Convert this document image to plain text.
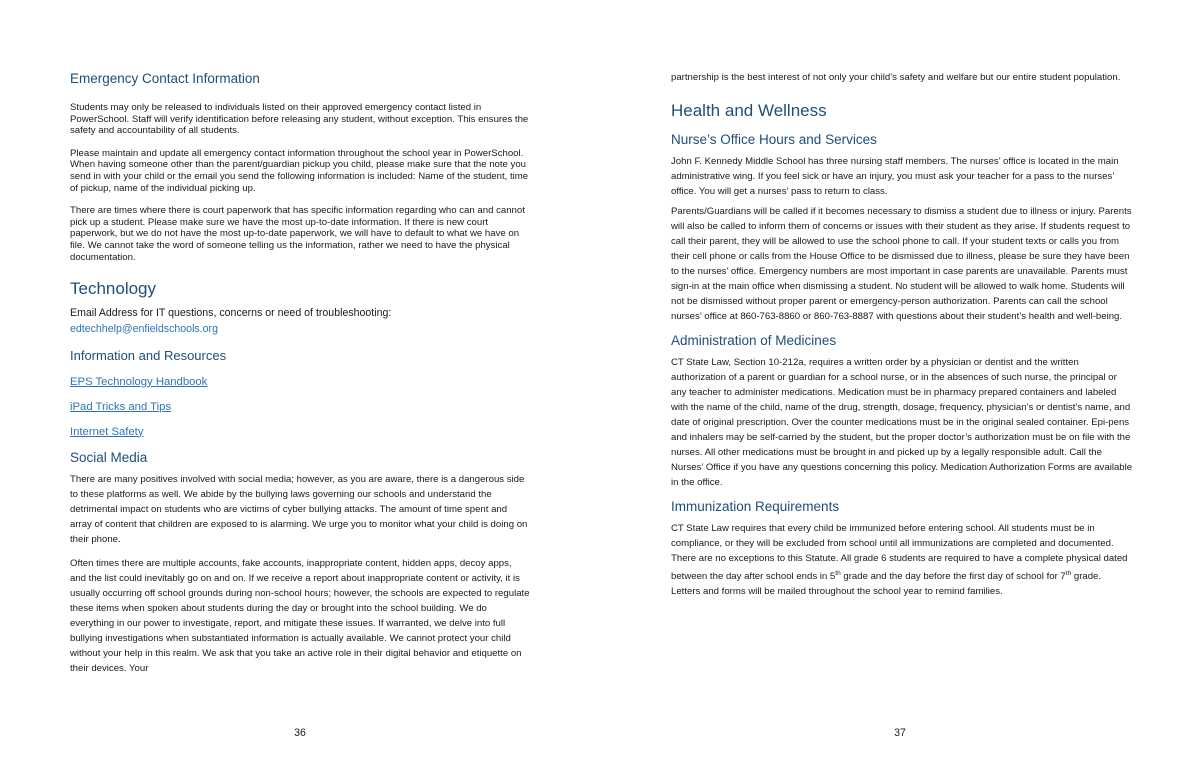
Emergency Contact Information

Students may only be released to individuals listed on their approved emergency contact listed in PowerSchool. Staff will verify identification before releasing any student, without exception. This ensures the safety and accountability of all students.

Please maintain and update all emergency contact information throughout the school year in PowerSchool. When having someone other than the parent/guardian pickup you child, please make sure that the note you send in with your child or the email you send the following information is included: Name of the student, time of pickup, name of the individual picking up.

There are times where there is court paperwork that has specific information regarding who can and cannot pick up a student. Please make sure we have the most up-to-date information. If there is new court paperwork, but we do not have the most up-to-date paperwork, we will have to default to what we have on file. We cannot take the word of someone telling us the information, rather we need to have the physical documentation.

Technology

Email Address for IT questions, concerns or need of troubleshooting:

edtechhelp@enfieldschools.org
Information and Resources
EPS Technology Handbook
iPad Tricks and Tips
Internet Safety
Social Media

There are many positives involved with social media; however, as you are aware, there is a dangerous side to these platforms as well. We abide by the bullying laws governing our schools and understand the detrimental impact on students who are victims of cyber bullying attacks. The amount of time spent and array of content that children are exposed to is alarming. We urge you to monitor what your child is doing on their phone.

Often times there are multiple accounts, fake accounts, inappropriate content, hidden apps, decoy apps, and the list could inevitably go on and on. If we receive a report about inappropriate content or activity, it is usually occurring off school grounds during non-school hours; however, the schools are expected to regulate these items when spoken about students during the day or brought into the school building. We do everything in our power to investigate, report, and mitigate these issues. If warranted, we delve into full bullying investigations when substantiated information is actually available. We cannot protect your child without your help in this realm. We ask that you take an active role in their digital behavior and etiquette on their devices. Your

36

partnership is the best interest of not only your child’s safety and welfare but our entire student population.

Health and Wellness
Nurse’s Office Hours and Services

John F. Kennedy Middle School has three nursing staff members. The nurses’ office is located in the main administrative wing. If you feel sick or have an injury, you must ask your teacher for a pass to the nurses’ office. You will get a nurses’ pass to return to class.

Parents/Guardians will be called if it becomes necessary to dismiss a student due to illness or injury. Parents will also be called to inform them of concerns or issues with their student as they arise. If students request to call their parent, they will be allowed to use the school phone to call. If your student texts or calls you from their cell phone or calls from the House Office to be dismissed due to illness, please be sure they have been to the nurses’ office. Emergency numbers are most important in case parents are unavailable. Parents must sign-in at the main office when dismissing a student. No student will be allowed to walk home. Students will not be dismissed without proper parent or emergency-person authorization. Parents can call the school nurses’ office at 860-763-8860 or 860-763-8887 with questions about their student’s health and well-being.

Administration of Medicines

CT State Law, Section 10-212a, requires a written order by a physician or dentist and the written authorization of a parent or guardian for a school nurse, or in the absences of such nurse, the principal or any teacher to administer medications. Medication must be in pharmacy prepared containers and labeled with the name of the child, name of the drug, strength, dosage, frequency, physician’s or dentist’s name, and date of original prescription. Over the counter medications must be in the original sealed container. Epi-pens and inhalers may be self-carried by the student, but the proper doctor’s authorization must be on file with the nurses. All other medications must be brought in and picked up by a legally responsible adult. Call the Nurses’ Office if you have any questions concerning this policy. Medication Authorization Forms are available in the office.

Immunization Requirements

CT State Law requires that every child be immunized before entering school. All students must be in compliance, or they will be excluded from school until all immunizations are completed and documented. There are no exceptions to this Statute. All grade 6 students are required to have a complete physical dated between the day after school ends in 5th grade and the day before the first day of school for 7th grade. Letters and forms will be mailed throughout the school year to remind families.

37
